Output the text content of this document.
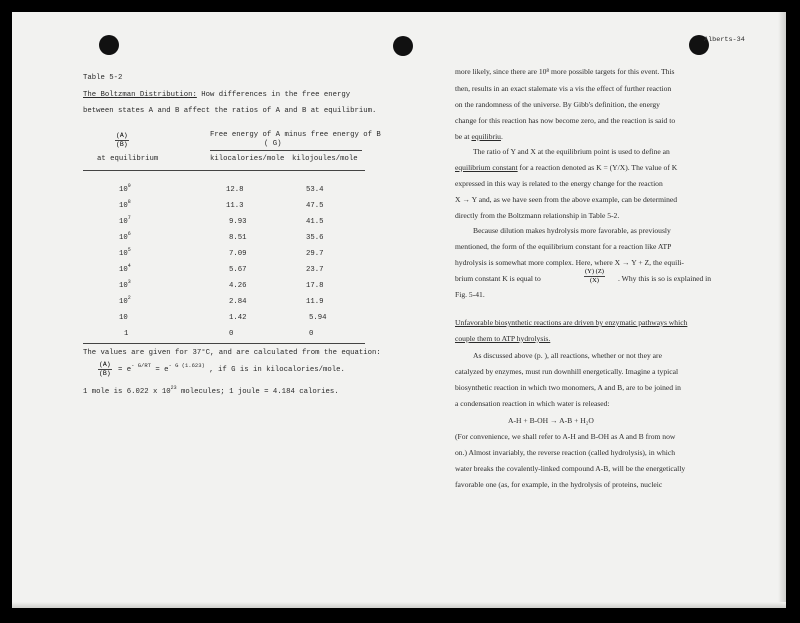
Alberts-34
Table 5-2
The Boltzman Distribution: How differences in the free energy
between states A and B affect the ratios of A and B at equilibrium.
$\frac{(A)}{(B)}$
at equilibrium
Free energy of A minus free energy of B
( G)
kilocalories/mole kilojoules/mole
$10^9$	12.8	53.4
$10^8$	11.3	47.5
$10^7$	9.93	41.5
$10^6$	8.51	35.6
$10^5$	7.09	29.7
$10^4$	5.67	23.7
$10^3$	4.26	17.8
$10^2$	2.84	11.9
10	1.42	5.94
1	0	0
The values are given for 37°C, and are calculated from the equation:
$\frac{(A)}{(B)} = e^{- G/RT} = e^{- G (1.623)}$ , if G is in kilocalories/mole.
1 mole is 6.022 x $10^{23}$ molecules; 1 joule = 4.184 calories.
more likely, since there are 10⁸ more possible targets for this event. This
then, results in an exact stalemate vis a vis the effect of further reaction
on the randomness of the universe. By Gibb's definition, the energy
change for this reaction has now become zero, and the reaction is said to
be at equilibriu.
The ratio of Y and X at the equilibrium point is used to define an
equilibrium constant for a reaction denoted as K = (Y/X). The value of K
expressed in this way is related to the energy change for the reaction
X → Y and, as we have seen from the above example, can be determined
directly from the Boltzmann relationship in Table 5-2.
Because dilution makes hydrolysis more favorable, as previously
mentioned, the form of the equilibrium constant for a reaction like ATP
hydrolysis is somewhat more complex. Here, where X → Y + Z, the equili-
brium constant K is equal to	$\frac{(Y) (Z)}{(X)}$ . Why this is so is explained in
Fig. 5-41.
Unfavorable biosynthetic reactions are driven by enzymatic pathways which
couple them to ATP hydrolysis.
As discussed above (p. ), all reactions, whether or not they are
catalyzed by enzymes, must run downhill energetically. Imagine a typical
biosynthetic reaction in which two monomers, A and B, are to be joined in
a condensation reaction in which water is released:
A-H + B-OH → A-B + H₂O
(For convenience, we shall refer to A-H and B-OH as A and B from now
on.) Almost invariably, the reverse reaction (called hydrolysis), in which
water breaks the covalently-linked compound A-B, will be the energetically
favorable one (as, for example, in the hydrolysis of proteins, nucleic
